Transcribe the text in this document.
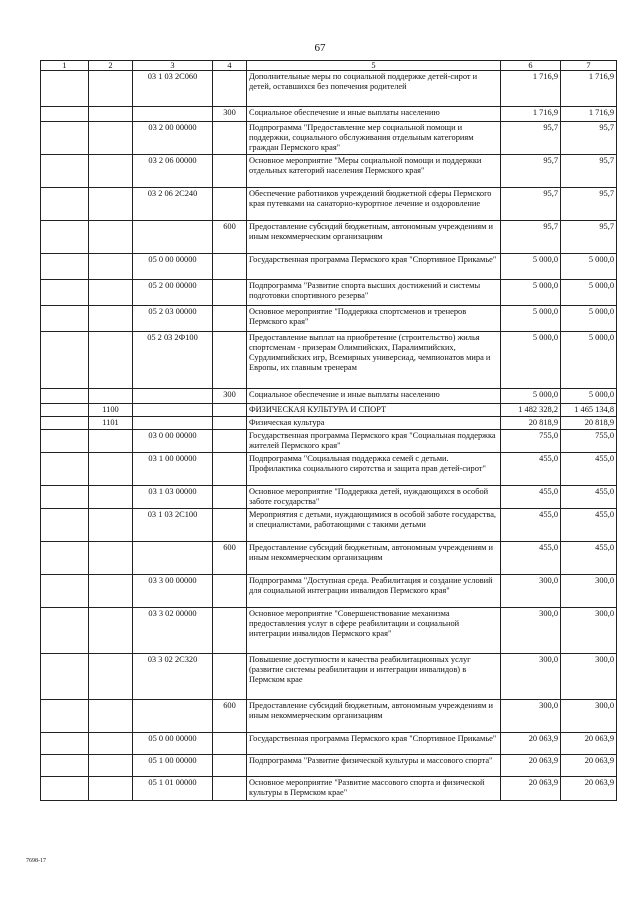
67
1	2	3	4	5	6	7
		03 1 03 2С060		Дополнительные меры по социальной поддержке детей-сирот и детей, оставшихся без попечения родителей	1 716,9	1 716,9
			300	Социальное обеспечение и иные выплаты населению	1 716,9	1 716,9
		03 2 00 00000		Подпрограмма "Предоставление мер социальной помощи и поддержки, социального обслуживания отдельным категориям граждан Пермского края"	95,7	95,7
		03 2 06 00000		Основное мероприятие "Меры социальной помощи и поддержки отдельных категорий населения Пермского края"	95,7	95,7
		03 2 06 2С240		Обеспечение работников учреждений бюджетной сферы Пермского края путевками на санаторно-курортное лечение и оздоровление	95,7	95,7
			600	Предоставление субсидий бюджетным, автономным учреждениям и иным некоммерческим организациям	95,7	95,7
		05 0 00 00000		Государственная программа Пермского края "Спортивное Прикамье"	5 000,0	5 000,0
		05 2 00 00000		Подпрограмма "Развитие спорта высших достижений и системы подготовки спортивного резерва"	5 000,0	5 000,0
		05 2 03 00000		Основное мероприятие "Поддержка спортсменов и тренеров Пермского края"	5 000,0	5 000,0
		05 2 03 2Ф100		Предоставление выплат на приобретение (строительство) жилья спортсменам - призерам Олимпийских, Паралимпийских, Сурдлимпийских игр, Всемирных универсиад, чемпионатов мира и Европы, их главным тренерам	5 000,0	5 000,0
			300	Социальное обеспечение и иные выплаты населению	5 000,0	5 000,0
	1100			ФИЗИЧЕСКАЯ КУЛЬТУРА И СПОРТ	1 482 328,2	1 465 134,8
	1101			Физическая культура	20 818,9	20 818,9
		03 0 00 00000		Государственная программа Пермского края "Социальная поддержка жителей Пермского края"	755,0	755,0
		03 1 00 00000		Подпрограмма "Социальная поддержка семей с детьми. Профилактика социального сиротства и защита прав детей-сирот"	455,0	455,0
		03 1 03 00000		Основное мероприятие "Поддержка детей, нуждающихся в особой заботе государства"	455,0	455,0
		03 1 03 2С100		Мероприятия с детьми, нуждающимися в особой заботе государства, и специалистами, работающими с такими детьми	455,0	455,0
			600	Предоставление субсидий бюджетным, автономным учреждениям и иным некоммерческим организациям	455,0	455,0
		03 3 00 00000		Подпрограмма "Доступная среда. Реабилитация и создание условий для социальной интеграции инвалидов Пермского края"	300,0	300,0
		03 3 02 00000		Основное мероприятие "Совершенствование механизма предоставления услуг в сфере реабилитации и социальной интеграции инвалидов Пермского края"	300,0	300,0
		03 3 02 2С320		Повышение доступности и качества реабилитационных услуг (развитие системы реабилитации и интеграции инвалидов) в Пермском крае	300,0	300,0
			600	Предоставление субсидий бюджетным, автономным учреждениям и иным некоммерческим организациям	300,0	300,0
		05 0 00 00000		Государственная программа Пермского края "Спортивное Прикамье"	20 063,9	20 063,9
		05 1 00 00000		Подпрограмма "Развитие физической культуры и массового спорта"	20 063,9	20 063,9
		05 1 01 00000		Основное мероприятие "Развитие массового спорта и физической культуры в Пермском крае"	20 063,9	20 063,9
7698-17
